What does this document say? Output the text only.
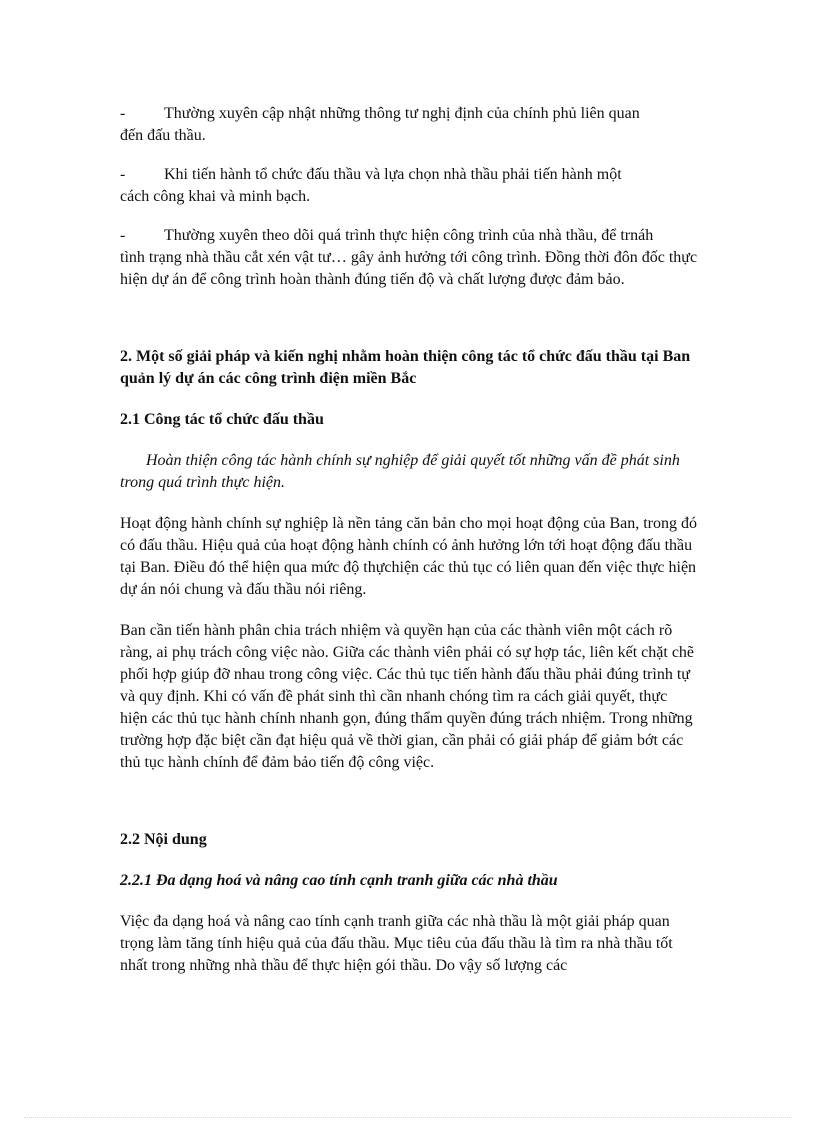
- Thường xuyên cập nhật những thông tư nghị định của chính phủ liên quan
đến đấu thầu.
- Khi tiến hành tổ chức đấu thầu và lựa chọn nhà thầu phải tiến hành một
cách công khai và minh bạch.
- Thường xuyên theo dõi quá trình thực hiện công trình của nhà thầu, để trnáh
tình trạng nhà thầu cắt xén vật tư… gây ảnh hưởng tới công trình. Đồng thời đôn đốc thực hiện dự án để công trình hoàn thành đúng tiến độ và chất lượng được đảm bảo.
2. Một số giải pháp và kiến nghị nhằm hoàn thiện công tác tổ chức đấu thầu tại Ban quản lý dự án các công trình điện miền Bắc
2.1 Công tác tổ chức đấu thầu

Hoàn thiện công tác hành chính sự nghiệp để giải quyết tốt những vấn đề phát sinh trong quá trình thực hiện.

Hoạt động hành chính sự nghiệp là nền tảng căn bản cho mọi hoạt động của Ban, trong đó có đấu thầu. Hiệu quả của hoạt động hành chính có ảnh hưởng lớn tới hoạt động đấu thầu tại Ban. Điều đó thể hiện qua mức độ thựchiện các thủ tục có liên quan đến việc thực hiện dự án nói chung và đấu thầu nói riêng.

Ban cần tiến hành phân chia trách nhiệm và quyền hạn của các thành viên một cách rõ ràng, ai phụ trách công việc nào. Giữa các thành viên phải có sự hợp tác, liên kết chặt chẽ phối hợp giúp đỡ nhau trong công việc. Các thủ tục tiến hành đấu thầu phải đúng trình tự và quy định. Khi có vấn đề phát sinh thì cần nhanh chóng tìm ra cách giải quyết, thực hiện các thủ tục hành chính nhanh gọn, đúng thẩm quyền đúng trách nhiệm. Trong những trường hợp đặc biệt cần đạt hiệu quả về thời gian, cần phải có giải pháp để giảm bớt các thủ tục hành chính để đảm bảo tiến độ công việc.

2.2 Nội dung
2.2.1 Đa dạng hoá và nâng cao tính cạnh tranh giữa các nhà thầu

Việc đa dạng hoá và nâng cao tính cạnh tranh giữa các nhà thầu là một giải pháp quan trọng làm tăng tính hiệu quả của đấu thầu. Mục tiêu của đấu thầu là tìm ra nhà thầu tốt nhất trong những nhà thầu để thực hiện gói thầu. Do vậy số lượng các
